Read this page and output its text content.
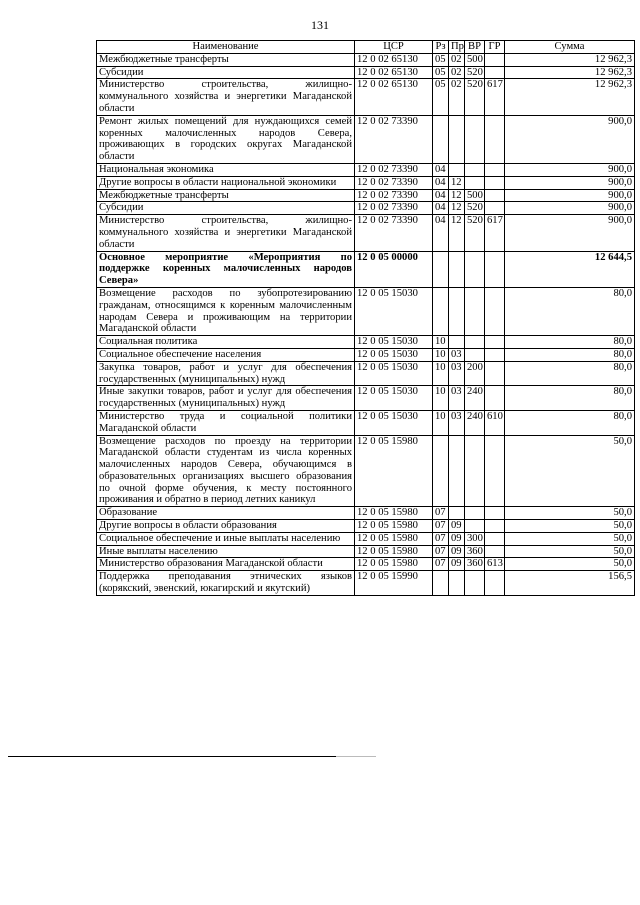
131
Наименование	ЦСР	Рз	Пр	ВР	ГР	Сумма
Межбюджетные трансферты	12 0 02 65130	05	02	500		12 962,3
Субсидии	12 0 02 65130	05	02	520		12 962,3
Министерство строительства, жилищно-коммунального хозяйства и энергетики Магаданской области	12 0 02 65130	05	02	520	617	12 962,3
Ремонт жилых помещений для нуждающихся семей коренных малочисленных народов Севера, проживающих в городских округах Магаданской области	12 0 02 73390					900,0
Национальная экономика	12 0 02 73390	04				900,0
Другие вопросы в области национальной экономики	12 0 02 73390	04	12			900,0
Межбюджетные трансферты	12 0 02 73390	04	12	500		900,0
Субсидии	12 0 02 73390	04	12	520		900,0
Министерство строительства, жилищно-коммунального хозяйства и энергетики Магаданской области	12 0 02 73390	04	12	520	617	900,0
Основное мероприятие «Мероприятия по поддержке коренных малочисленных народов Севера»	12 0 05 00000					12 644,5
Возмещение расходов по зубопротезированию гражданам, относящимся к коренным малочисленным народам Севера и проживающим на территории Магаданской области	12 0 05 15030					80,0
Социальная политика	12 0 05 15030	10				80,0
Социальное обеспечение населения	12 0 05 15030	10	03			80,0
Закупка товаров, работ и услуг для обеспечения государственных (муниципальных) нужд	12 0 05 15030	10	03	200		80,0
Иные закупки товаров, работ и услуг для обеспечения государственных (муниципальных) нужд	12 0 05 15030	10	03	240		80,0
Министерство труда и социальной политики Магаданской области	12 0 05 15030	10	03	240	610	80,0
Возмещение расходов по проезду на территории Магаданской области студентам из числа коренных малочисленных народов Севера, обучающимся в образовательных организациях высшего образования по очной форме обучения, к месту постоянного проживания и обратно в период летних каникул	12 0 05 15980					50,0
Образование	12 0 05 15980	07				50,0
Другие вопросы в области образования	12 0 05 15980	07	09			50,0
Социальное обеспечение и иные выплаты населению	12 0 05 15980	07	09	300		50,0
Иные выплаты населению	12 0 05 15980	07	09	360		50,0
Министерство образования Магаданской области	12 0 05 15980	07	09	360	613	50,0
Поддержка преподавания этнических языков (корякский, эвенский, юкагирский и якутский)	12 0 05 15990					156,5
